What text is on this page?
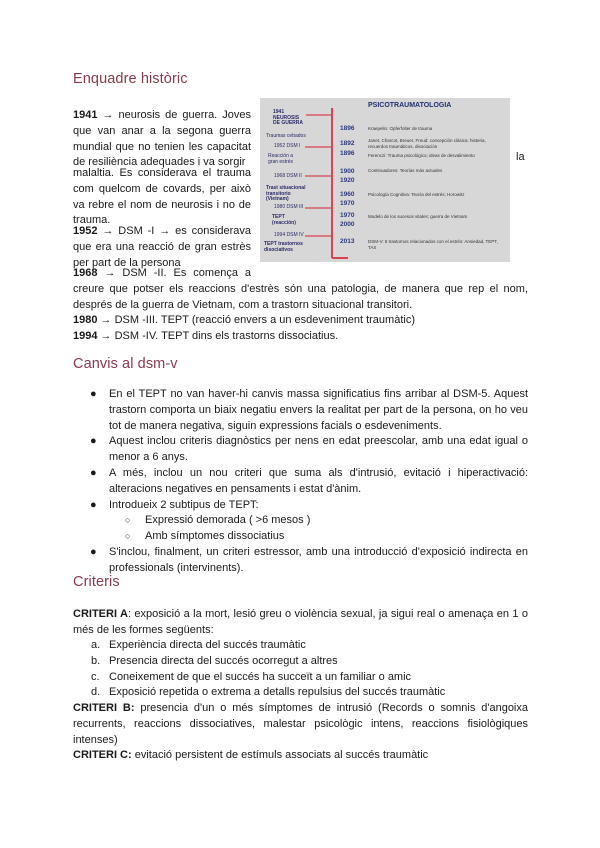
Enquadre històric

1941 → neurosis de guerra. Joves que van anar a la segona guerra mundial que no tenien les capacitat de resiliència adequades i va sorgir	la

malaltia. Es considerava el trauma com quelcom de covards, per això va rebre el nom de neurosis i no de trauma.

1952 → DSM -I → es considerava que era una reacció de gran estrès per part de la persona

1968 → DSM -II. Es comença a

creure que potser els reaccions d'estrès són una patologia, de manera que rep el nom, després de la guerra de Vietnam, com a trastorn situacional transitori.

1980 → DSM -III. TEPT (reacció envers a un esdeveniment traumàtic)

1994 → DSM -IV. TEPT dins els trastorns dissociatius.

PSICOTRAUMATOLOGIA
1941 NEUROSIS DE GUERRA
Traumas cebados
1952 DSM I
Reacción a gran estrés
1968 DSM II
Trast situacional transitorio (Vietnam)
1980 DSM III
TEPT (reacción)
1994 DSM IV
TEPT trastornos disociativos
1896
1892
1896
1900
1920
1960
1970
1970
2000
2013
Kraepelin: Opferfolter de trauma
Janet, Charcot, Breuer, Freud: concepción clásica: histeria, recuerdos traumáticos, disociación
Ferenczi: Trauma psicológico; ideas de desvalimiento
Continuadores: Teorías más actuales
Psicología Cognitiva: Teoría del estrés; Horowitz
Modelo de los sucesos vitales; guerra de Vietnam
DSM-V: 5 trastornos relacionados con el estrés: Ansiedad, TEPT, TAS
Canvis al dsm-v
● En el TEPT no van haver-hi canvis massa significatius fins arribar al DSM-5. Aquest trastorn comporta un biaix negatiu envers la realitat per part de la persona, on ho veu tot de manera negativa, siguin expressions facials o esdeveniments.
● Aquest inclou criteris diagnòstics per nens en edat preescolar, amb una edat igual o menor a 6 anys.
● A més, inclou un nou criteri que suma als d'intrusió, evitació i hiperactivació: alteracions negatives en pensaments i estat d'ànim.
● Introdueix 2 subtipus de TEPT:
○ Expressió demorada ( >6 mesos )
○ Amb símptomes dissociatius
● S'inclou, finalment, un criteri estressor, amb una introducció d'exposició indirecta en professionals (intervinents).
Criteris

CRITERI A: exposició a la mort, lesió greu o violència sexual, ja sigui real o amenaça en 1 o més de les formes següents:

a. Experiència directa del succés traumàtic
b. Presencia directa del succés ocorregut a altres
c. Coneixement de que el succés ha succeït a un familiar o amic
d. Exposició repetida o extrema a detalls repulsius del succés traumàtic

CRITERI B: presencia d'un o més símptomes de intrusió (Records o somnis d'angoixa recurrents, reaccions dissociatives, malestar psicològic intens, reaccions fisiològiques intenses)

CRITERI C: evitació persistent de estímuls associats al succés traumàtic
